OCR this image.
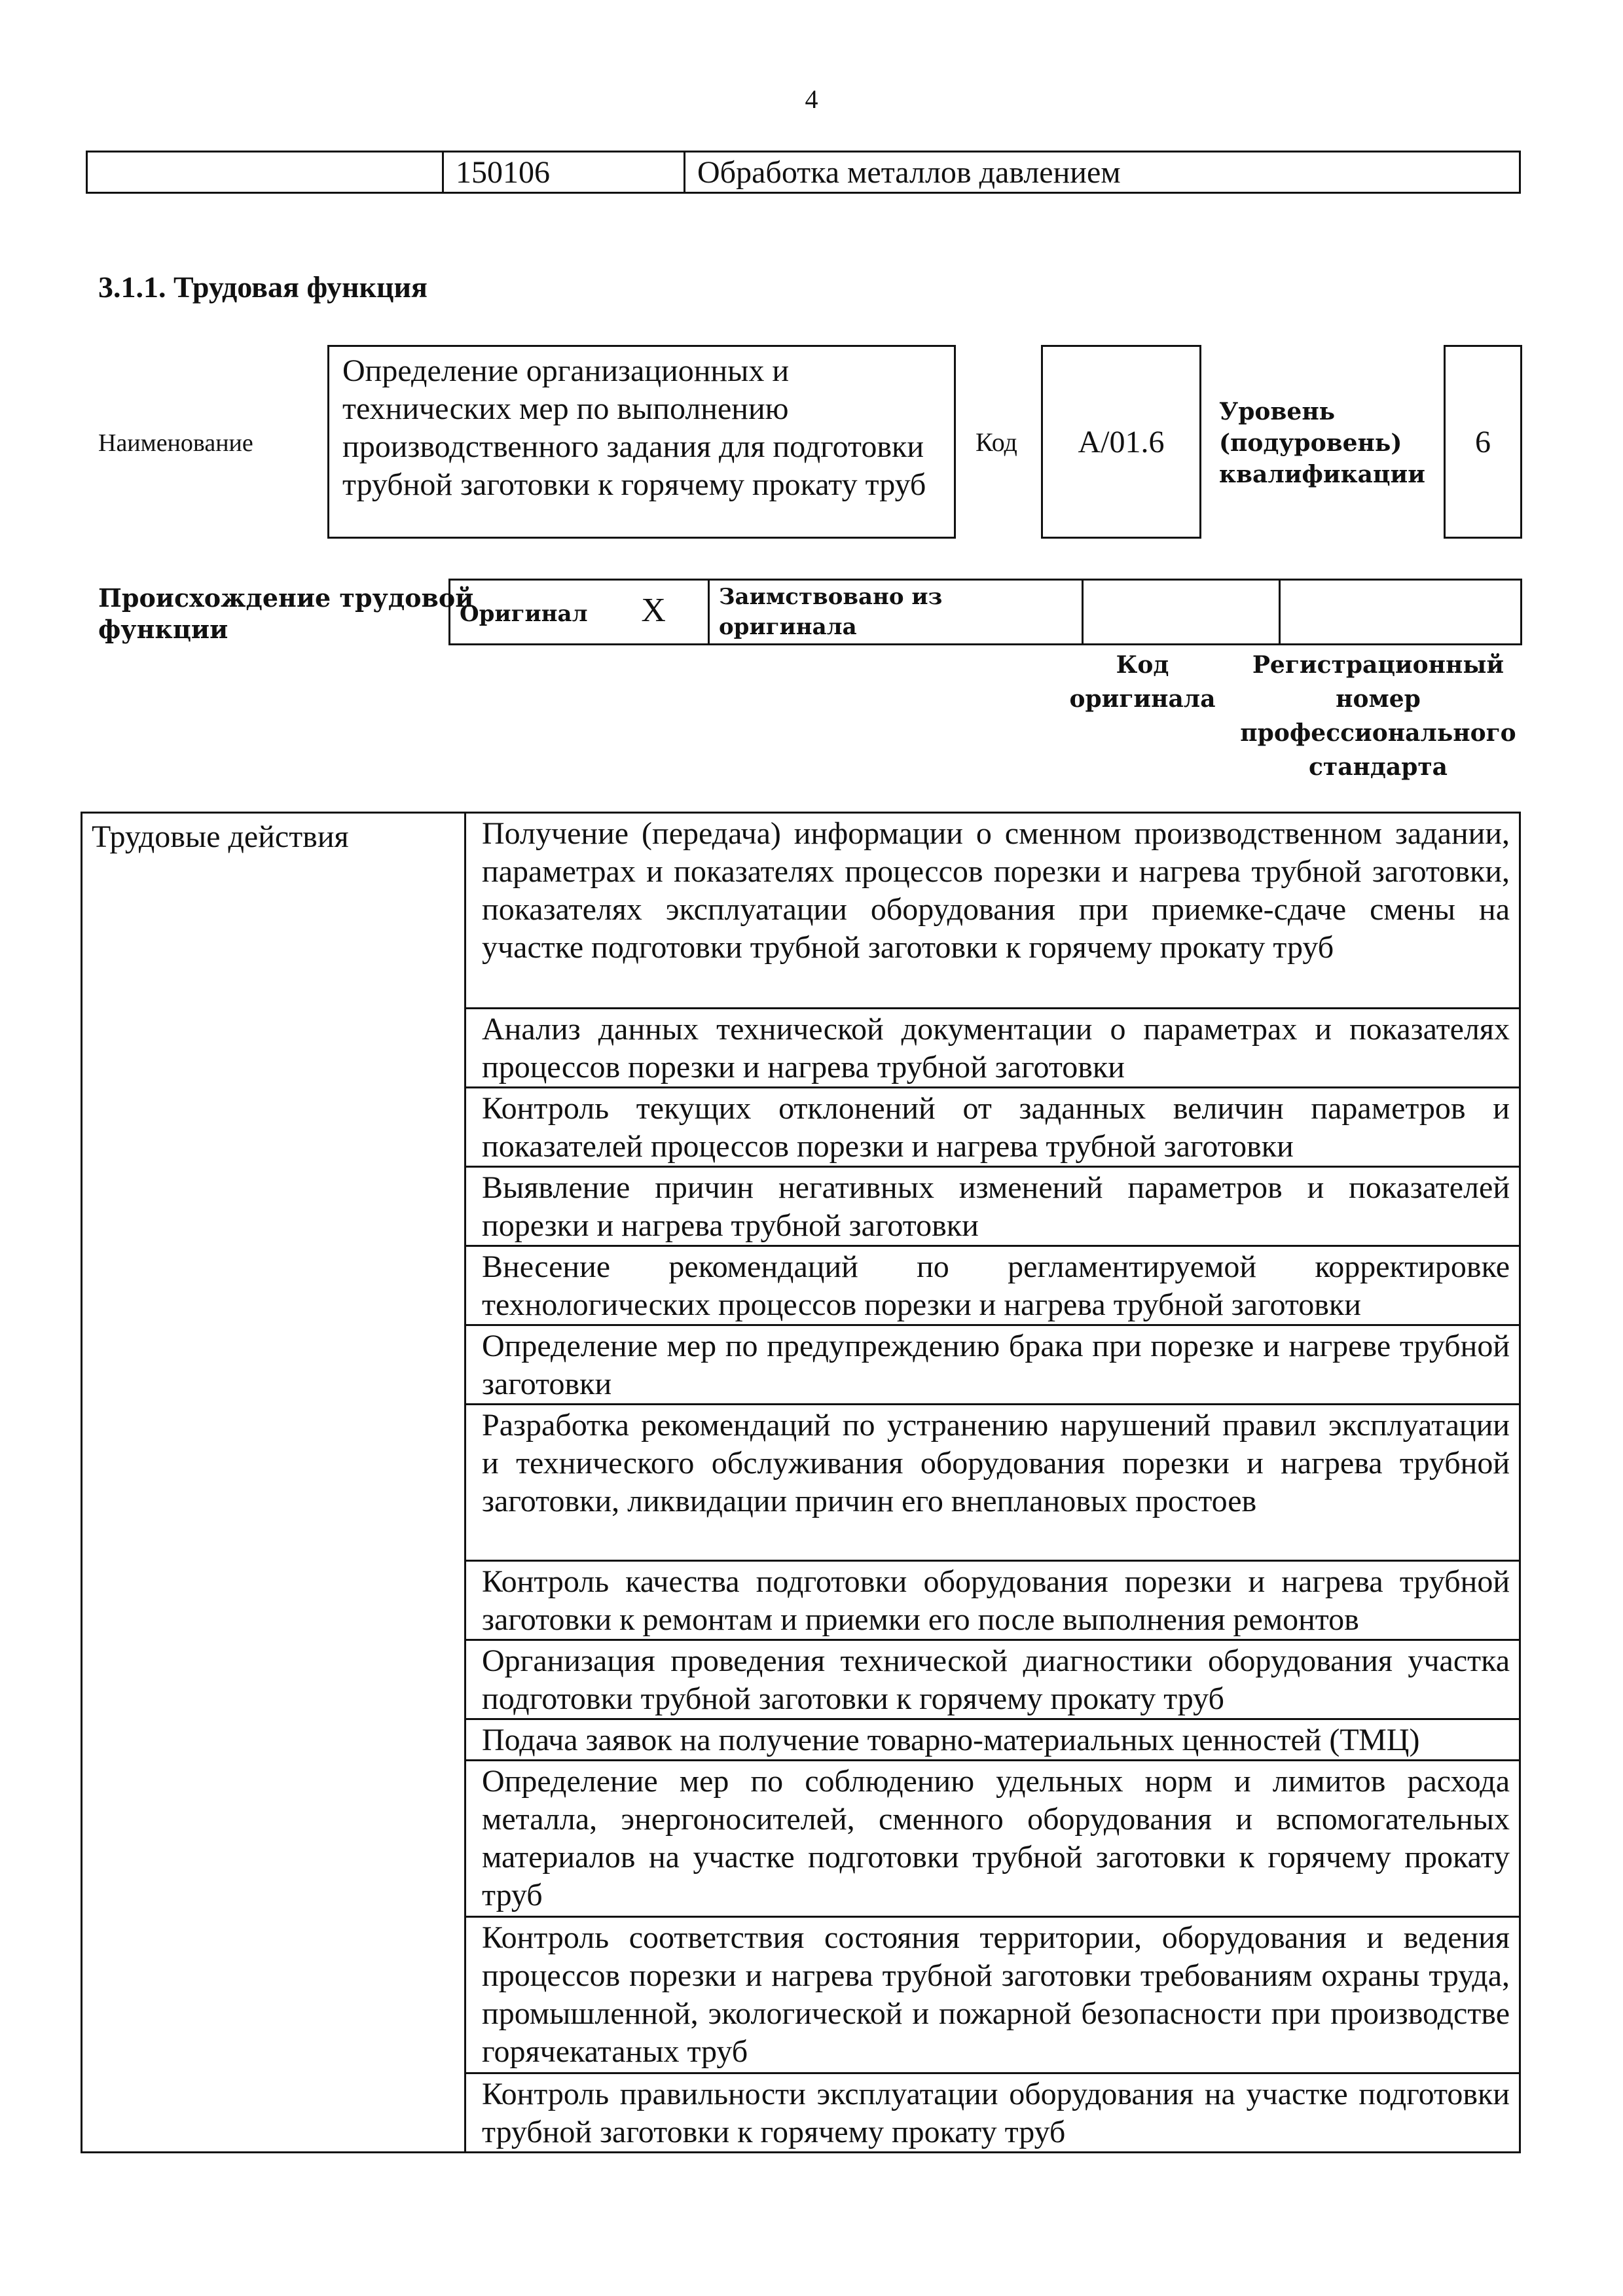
4
	150106	Обработка металлов давлением
3.1.1. Трудовая функция
Наименование
Определение организационных и технических мер по выполнению производственного задания для подготовки трубной заготовки к горячему прокату труб
Код	A/01.6
Уровень
(подуровень)
квалификации
6
Происхождение трудовой
функции
Оригинал X	Заимствовано из
оригинала

Код
оригинала
Регистрационный
номер
профессионального
стандарта
Трудовые действия	Получение (передача) информации о сменном производственном задании, параметрах и показателях процессов порезки и нагрева трубной заготовки, показателях эксплуатации оборудования при приемке-сдаче смены на участке подготовки трубной заготовки к горячему прокату труб
Анализ данных технической документации о параметрах и показателях процессов порезки и нагрева трубной заготовки
Контроль текущих отклонений от заданных величин параметров и показателей процессов порезки и нагрева трубной заготовки
Выявление причин негативных изменений параметров и показателей порезки и нагрева трубной заготовки
Внесение рекомендаций по регламентируемой корректировке технологических процессов порезки и нагрева трубной заготовки
Определение мер по предупреждению брака при порезке и нагреве трубной заготовки
Разработка рекомендаций по устранению нарушений правил эксплуатации и технического обслуживания оборудования порезки и нагрева трубной заготовки, ликвидации причин его внеплановых простоев
Контроль качества подготовки оборудования порезки и нагрева трубной заготовки к ремонтам и приемки его после выполнения ремонтов
Организация проведения технической диагностики оборудования участка подготовки трубной заготовки к горячему прокату труб
Подача заявок на получение товарно-материальных ценностей (ТМЦ)
Определение мер по соблюдению удельных норм и лимитов расхода металла, энергоносителей, сменного оборудования и вспомогательных материалов на участке подготовки трубной заготовки к горячему прокату труб
Контроль соответствия состояния территории, оборудования и ведения процессов порезки и нагрева трубной заготовки требованиям охраны труда, промышленной, экологической и пожарной безопасности при производстве горячекатаных труб
Контроль правильности эксплуатации оборудования на участке подготовки трубной заготовки к горячему прокату труб
